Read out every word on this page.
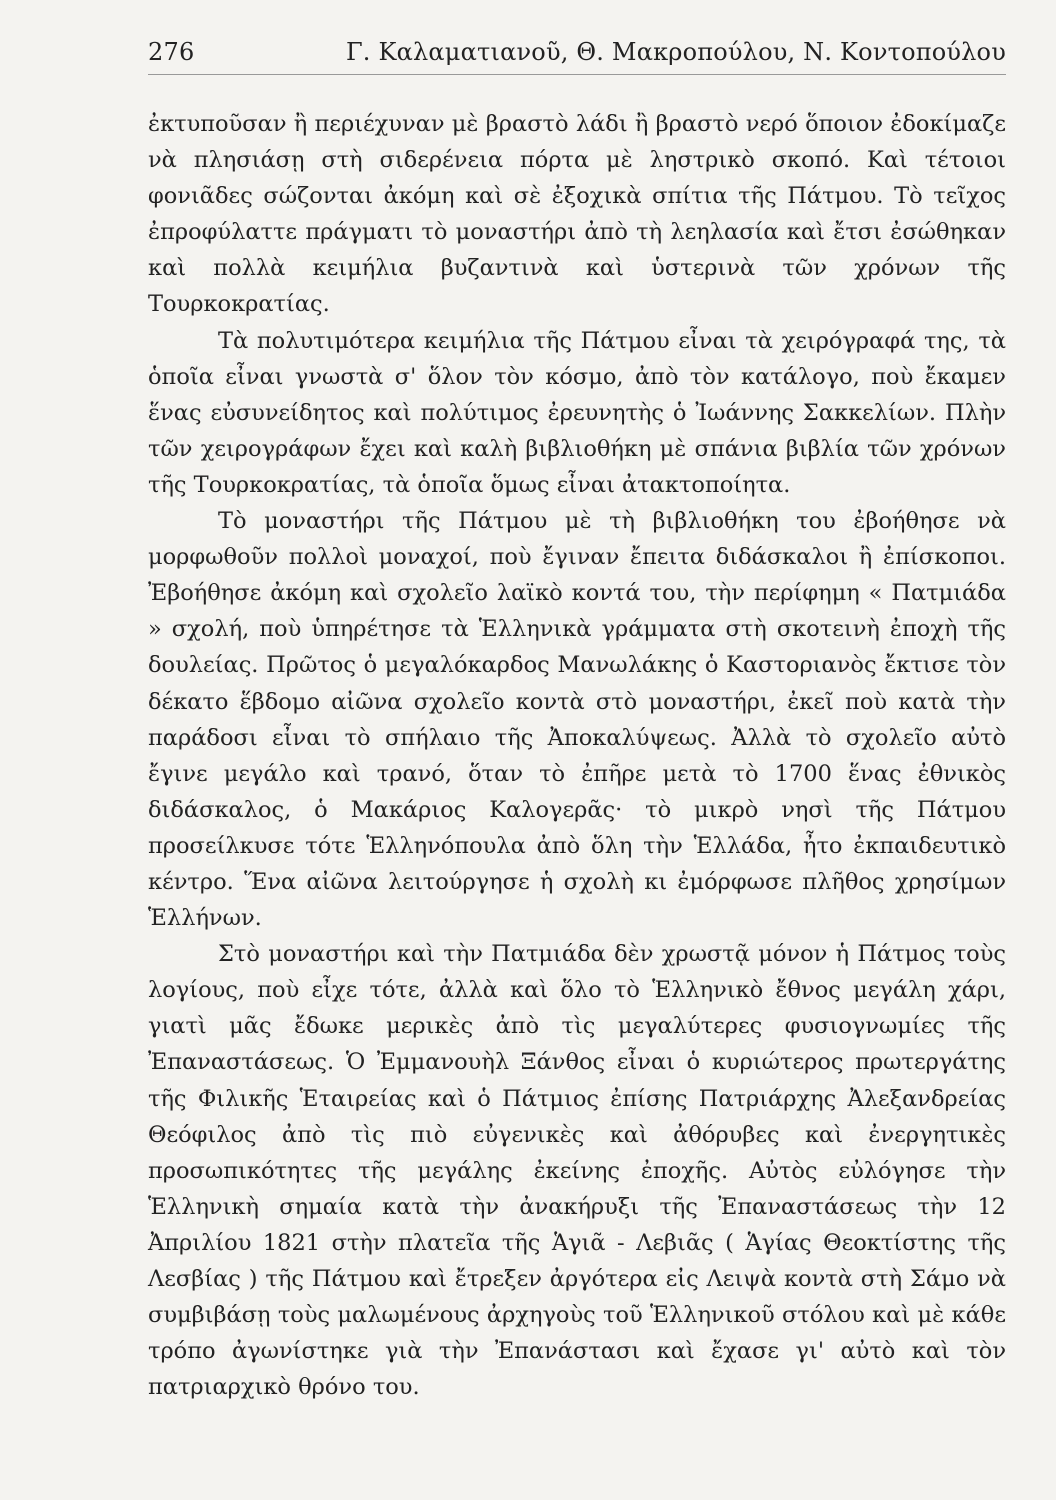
276	Γ. Καλαματιανοῦ, Θ. Μακροπούλου, Ν. Κοντοπούλου

ἐκτυποῦσαν ἢ περιέχυναν μὲ βραστὸ λάδι ἢ βραστὸ νερό ὅποιον ἐδοκίμαζε νὰ πλησιάσῃ στὴ σιδερένεια πόρτα μὲ ληστρικὸ σκοπό. Καὶ τέτοιοι φονιᾶδες σώζονται ἀκόμη καὶ σὲ ἐξοχικὰ σπίτια τῆς Πάτμου. Τὸ τεῖχος ἐπροφύλαττε πράγματι τὸ μοναστήρι ἀπὸ τὴ λεηλασία καὶ ἔτσι ἐσώθηκαν καὶ πολλὰ κειμήλια βυζαντινὰ καὶ ὑστερινὰ τῶν χρόνων τῆς Τουρκοκρατίας.

Τὰ πολυτιμότερα κειμήλια τῆς Πάτμου εἶναι τὰ χειρόγραφά της, τὰ ὁποῖα εἶναι γνωστὰ σ' ὅλον τὸν κόσμο, ἀπὸ τὸν κατάλογο, ποὺ ἔκαμεν ἕνας εὐσυνείδητος καὶ πολύτιμος ἐρευνητὴς ὁ Ἰωάννης Σακκελίων. Πλὴν τῶν χειρογράφων ἔχει καὶ καλὴ βιβλιοθήκη μὲ σπάνια βιβλία τῶν χρόνων τῆς Τουρκοκρατίας, τὰ ὁποῖα ὅμως εἶναι ἀτακτοποίητα.

Τὸ μοναστήρι τῆς Πάτμου μὲ τὴ βιβλιοθήκη του ἐβοήθησε νὰ μορφωθοῦν πολλοὶ μοναχοί, ποὺ ἔγιναν ἔπειτα διδάσκαλοι ἢ ἐπίσκοποι. Ἐβοήθησε ἀκόμη καὶ σχολεῖο λαϊκὸ κοντά του, τὴν περίφημη « Πατμιάδα » σχολή, ποὺ ὑπηρέτησε τὰ Ἑλληνικὰ γράμματα στὴ σκοτεινὴ ἐποχὴ τῆς δουλείας. Πρῶτος ὁ μεγαλόκαρδος Μανωλάκης ὁ Καστοριανὸς ἔκτισε τὸν δέκατο ἕβδομο αἰῶνα σχολεῖο κοντὰ στὸ μοναστήρι, ἐκεῖ ποὺ κατὰ τὴν παράδοσι εἶναι τὸ σπήλαιο τῆς Ἀποκαλύψεως. Ἀλλὰ τὸ σχολεῖο αὐτὸ ἔγινε μεγάλο καὶ τρανό, ὅταν τὸ ἐπῆρε μετὰ τὸ 1700 ἕνας ἐθνικὸς διδάσκαλος, ὁ Μακάριος Καλογερᾶς· τὸ μικρὸ νησὶ τῆς Πάτμου προσείλκυσε τότε Ἑλληνόπουλα ἀπὸ ὅλη τὴν Ἑλλάδα, ἦτο ἐκπαιδευτικὸ κέντρο. Ἕνα αἰῶνα λειτούργησε ἡ σχολὴ κι ἐμόρφωσε πλῆθος χρησίμων Ἑλλήνων.

Στὸ μοναστήρι καὶ τὴν Πατμιάδα δὲν χρωστᾷ μόνον ἡ Πάτμος τοὺς λογίους, ποὺ εἶχε τότε, ἀλλὰ καὶ ὅλο τὸ Ἑλληνικὸ ἔθνος μεγάλη χάρι, γιατὶ μᾶς ἔδωκε μερικὲς ἀπὸ τὶς μεγαλύτερες φυσιογνωμίες τῆς Ἐπαναστάσεως. Ὁ Ἐμμανουὴλ Ξάνθος εἶναι ὁ κυριώτερος πρωτεργάτης τῆς Φιλικῆς Ἑταιρείας καὶ ὁ Πάτμιος ἐπίσης Πατριάρχης Ἀλεξανδρείας Θεόφιλος ἀπὸ τὶς πιὸ εὐγενικὲς καὶ ἀθόρυβες καὶ ἐνεργητικὲς προσωπικότητες τῆς μεγάλης ἐκείνης ἐποχῆς. Αὐτὸς εὐλόγησε τὴν Ἑλληνικὴ σημαία κατὰ τὴν ἀνακήρυξι τῆς Ἐπαναστάσεως τὴν 12 Ἀπριλίου 1821 στὴν πλατεῖα τῆς Ἁγιᾶ - Λεβιᾶς ( Ἁγίας Θεοκτίστης τῆς Λεσβίας ) τῆς Πάτμου καὶ ἔτρεξεν ἀργότερα εἰς Λειψὰ κοντὰ στὴ Σάμο νὰ συμβιβάσῃ τοὺς μαλωμένους ἀρχηγοὺς τοῦ Ἑλληνικοῦ στόλου καὶ μὲ κάθε τρόπο ἀγωνίστηκε γιὰ τὴν Ἐπανάστασι καὶ ἔχασε γι' αὐτὸ καὶ τὸν πατριαρχικὸ θρόνο του.
